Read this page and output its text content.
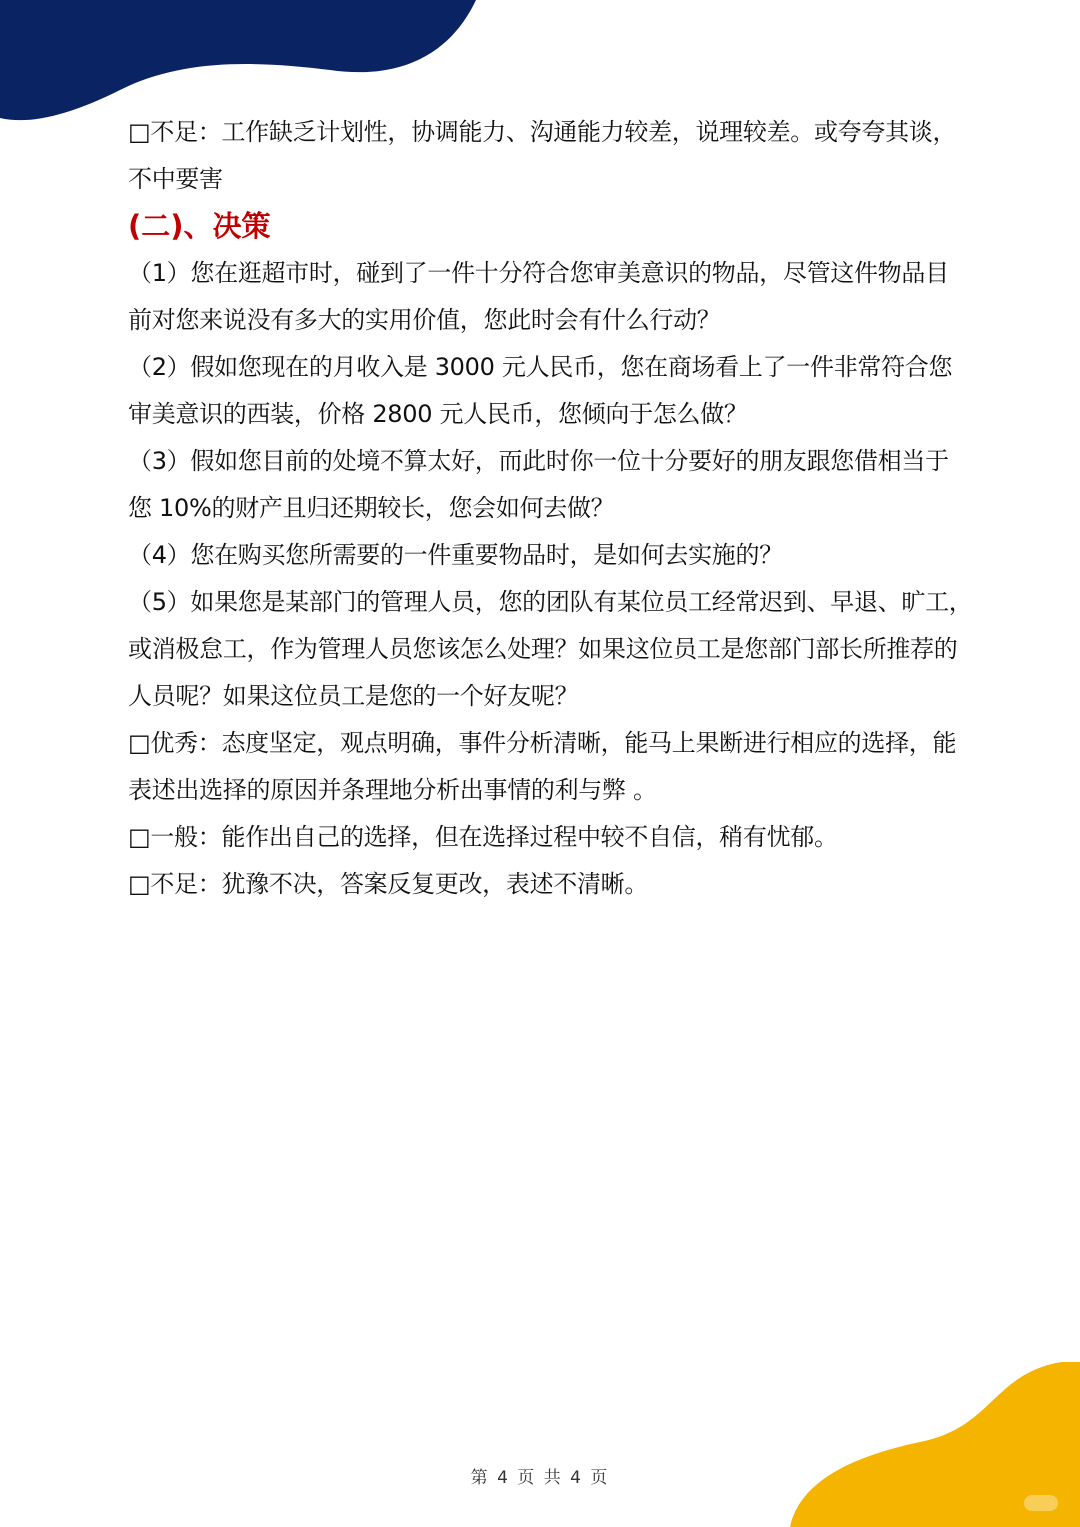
□不足：工作缺乏计划性，协调能力、沟通能力较差，说理较差。或夸夸其谈，
不中要害
(二)、决策
（1）您在逛超市时，碰到了一件十分符合您审美意识的物品，尽管这件物品目
前对您来说没有多大的实用价值，您此时会有什么行动？
（2）假如您现在的月收入是 3000 元人民币，您在商场看上了一件非常符合您
审美意识的西装，价格 2800 元人民币，您倾向于怎么做？
（3）假如您目前的处境不算太好，而此时你一位十分要好的朋友跟您借相当于
您 10%的财产且归还期较长，您会如何去做？
（4）您在购买您所需要的一件重要物品时，是如何去实施的？
（5）如果您是某部门的管理人员，您的团队有某位员工经常迟到、早退、旷工，
或消极怠工，作为管理人员您该怎么处理？如果这位员工是您部门部长所推荐的
人员呢？如果这位员工是您的一个好友呢？
□优秀：态度坚定，观点明确，事件分析清晰，能马上果断进行相应的选择，能
表述出选择的原因并条理地分析出事情的利与弊 。
□一般：能作出自己的选择，但在选择过程中较不自信，稍有忧郁。
□不足：犹豫不决，答案反复更改，表述不清晰。
第 4 页 共 4 页
